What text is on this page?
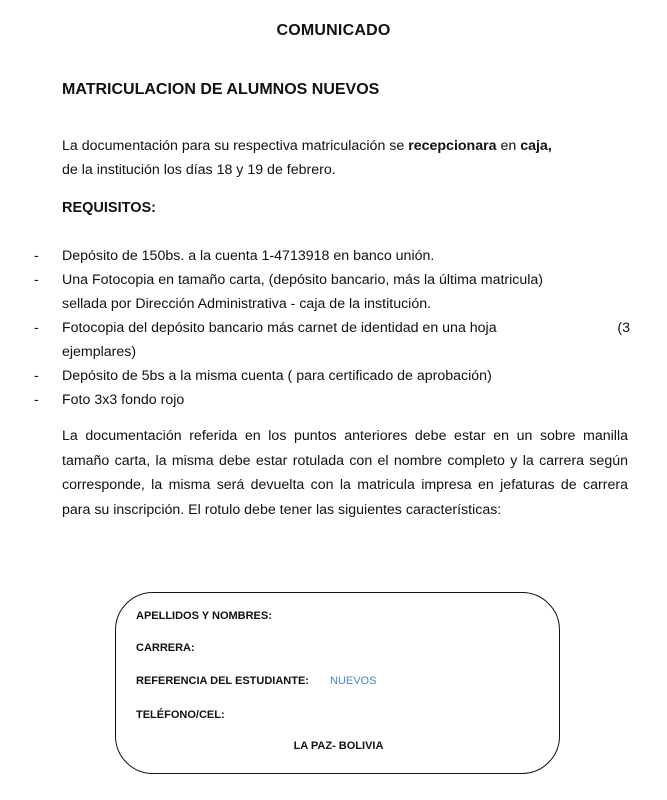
COMUNICADO
MATRICULACION DE ALUMNOS NUEVOS
La documentación para su respectiva matriculación se recepcionara en caja,
de la institución los días 18 y 19 de febrero.
REQUISITOS:
- Depósito de 150bs. a la cuenta 1-4713918 en banco unión.
- Una Fotocopia en tamaño carta, (depósito bancario, más la última matricula)
sellada por Dirección Administrativa - caja de la institución.
- Fotocopia del depósito bancario más carnet de identidad en una hoja	(3
ejemplares)
- Depósito de 5bs a la misma cuenta ( para certificado de aprobación)
- Foto 3x3 fondo rojo
La documentación referida en los puntos anteriores debe estar en un sobre manilla tamaño carta, la misma debe estar rotulada con el nombre completo y la carrera según corresponde, la misma será devuelta con la matricula impresa en jefaturas de carrera para su inscripción. El rotulo debe tener las siguientes características:
APELLIDOS Y NOMBRES:
CARRERA:
REFERENCIA DEL ESTUDIANTE: NUEVOS
TELÉFONO/CEL:
LA PAZ- BOLIVIA
